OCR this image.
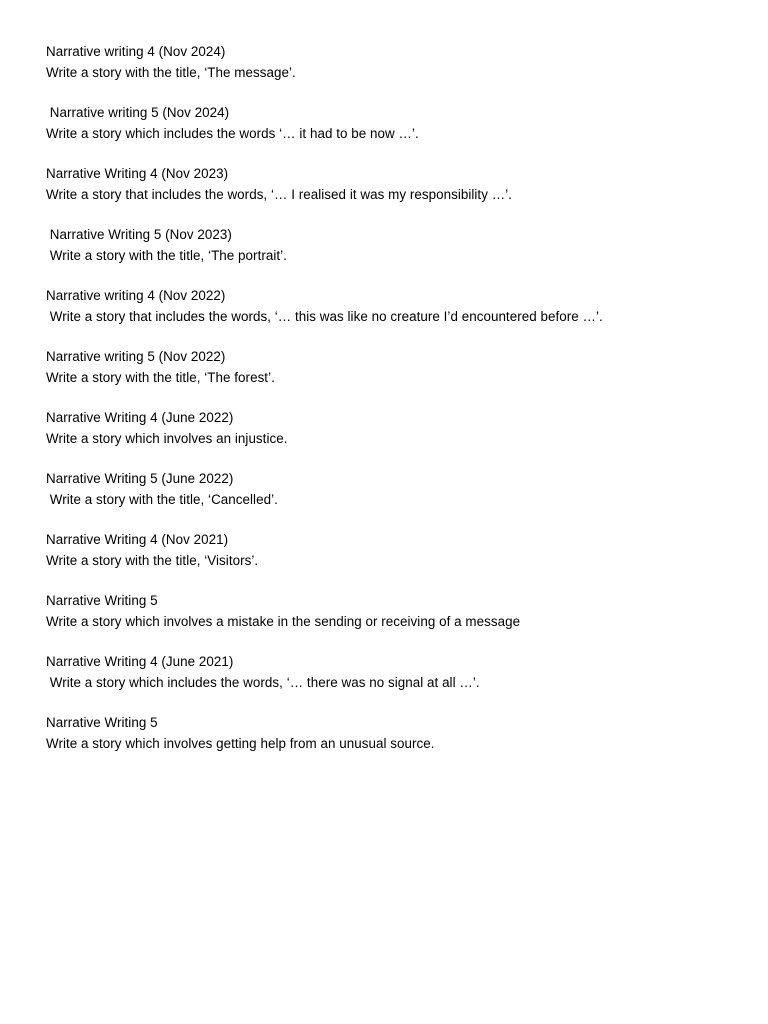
Narrative writing 4 (Nov 2024)
Write a story with the title, ‘The message’.
Narrative writing 5 (Nov 2024)
Write a story which includes the words ‘… it had to be now …’.
Narrative Writing 4 (Nov 2023)
Write a story that includes the words, ‘… I realised it was my responsibility …’.
Narrative Writing 5 (Nov 2023)
Write a story with the title, ‘The portrait’.
Narrative writing 4 (Nov 2022)
Write a story that includes the words, ‘… this was like no creature I’d encountered before …’.
Narrative writing 5 (Nov 2022)
Write a story with the title, ‘The forest’.
Narrative Writing 4 (June 2022)
Write a story which involves an injustice.
Narrative Writing 5 (June 2022)
Write a story with the title, ‘Cancelled’.
Narrative Writing 4 (Nov 2021)
Write a story with the title, ‘Visitors’.
Narrative Writing 5
Write a story which involves a mistake in the sending or receiving of a message
Narrative Writing 4 (June 2021)
Write a story which includes the words, ‘… there was no signal at all …’.
Narrative Writing 5
Write a story which involves getting help from an unusual source.
